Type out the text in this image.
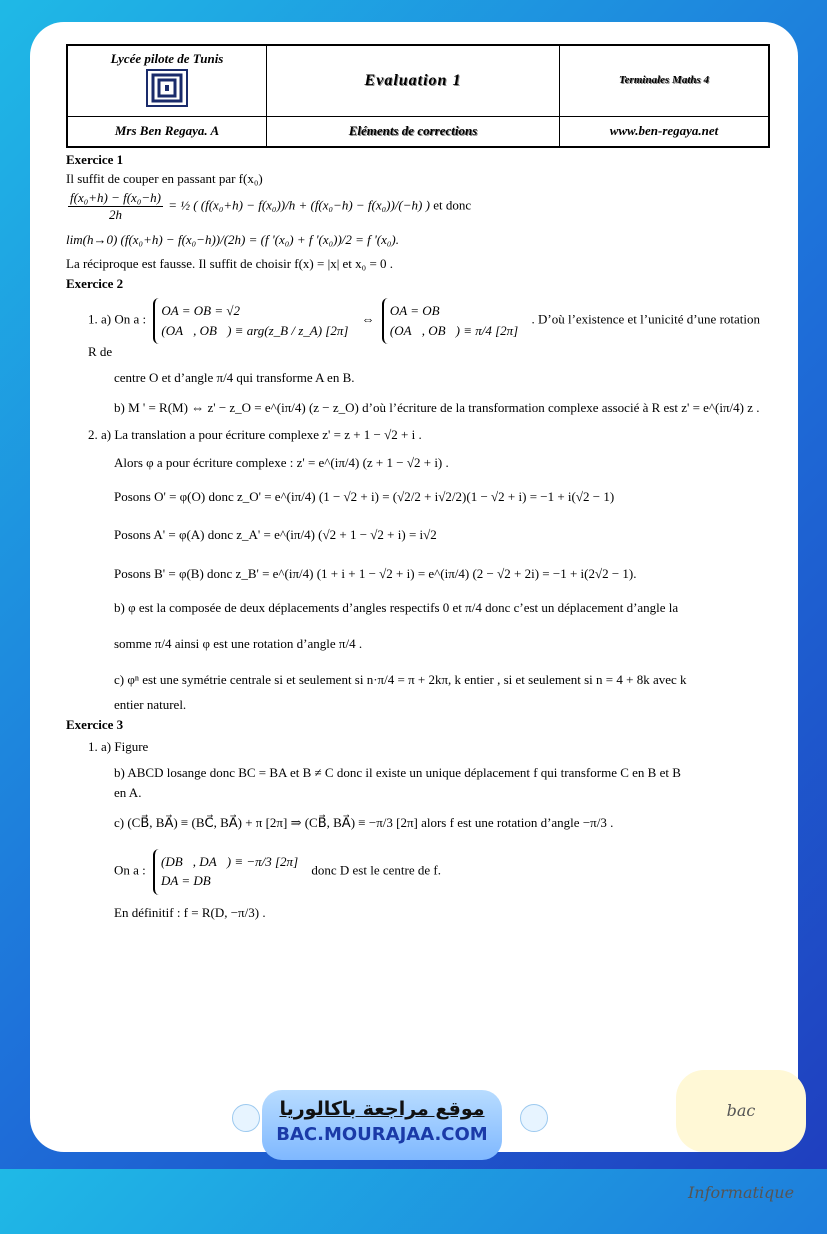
Lycée pilote de Tunis	Evaluation 1	Terminales Maths 4
Mrs Ben Regaya. A	Eléments de corrections	www.ben-regaya.net
Exercice 1
Il suffit de couper en passant par f(x₀)
$\frac{\text{f(x₀+h) − f(x₀−h)}}{2h}$ = ½ ( (f(x₀+h) − f(x₀))/h + (f(x₀−h) − f(x₀))/(−h) ) et donc
lim(h→0) (f(x₀+h) − f(x₀−h))/(2h) = (f '(x₀) + f '(x₀))/2 = f '(x₀).
La réciproque est fausse. Il suffit de choisir f(x) = |x| et x₀ = 0 .
Exercice 2
1. a) On a :
OA = OB = √2
(OA⃗, OB⃗) ≡ arg(z_B / z_A) [2π]
⇔
OA = OB
(OA⃗, OB⃗) ≡ π/4 [2π]
. D’où l’existence et l’unicité d’une rotation R de
centre O et d’angle π/4 qui transforme A en B.
b) M ' = R(M) ⇔ z' − z_O = e^(iπ/4) (z − z_O) d’où l’écriture de la transformation complexe associé à R est z' = e^(iπ/4) z .
2. a) La translation a pour écriture complexe z' = z + 1 − √2 + i .
Alors φ a pour écriture complexe : z' = e^(iπ/4) (z + 1 − √2 + i) .
Posons O' = φ(O) donc z_O' = e^(iπ/4) (1 − √2 + i) = (√2/2 + i√2/2)(1 − √2 + i) = −1 + i(√2 − 1)
Posons A' = φ(A) donc z_A' = e^(iπ/4) (√2 + 1 − √2 + i) = i√2
Posons B' = φ(B) donc z_B' = e^(iπ/4) (1 + i + 1 − √2 + i) = e^(iπ/4) (2 − √2 + 2i) = −1 + i(2√2 − 1).
b) φ est la composée de deux déplacements d’angles respectifs 0 et π/4 donc c’est un déplacement d’angle la
somme π/4 ainsi φ est une rotation d’angle π/4 .
c) φⁿ est une symétrie centrale si et seulement si n·π/4 = π + 2kπ, k entier , si et seulement si n = 4 + 8k avec k
entier naturel.
Exercice 3
1. a) Figure
b) ABCD losange donc BC = BA et B ≠ C donc il existe un unique déplacement f qui transforme C en B et B
en A.
c) (CB⃗, BA⃗) ≡ (BC⃗, BA⃗) + π [2π] ⇒ (CB⃗, BA⃗) ≡ −π/3 [2π] alors f est une rotation d’angle −π/3 .
On a :
(DB⃗, DA⃗) ≡ −π/3 [2π]
DA = DB
donc D est le centre de f.
En définitif : f = R(D, −π/3) .
موقع مراجعة باكالوريا
BAC.MOURAJAA.COM
bac Informatique
